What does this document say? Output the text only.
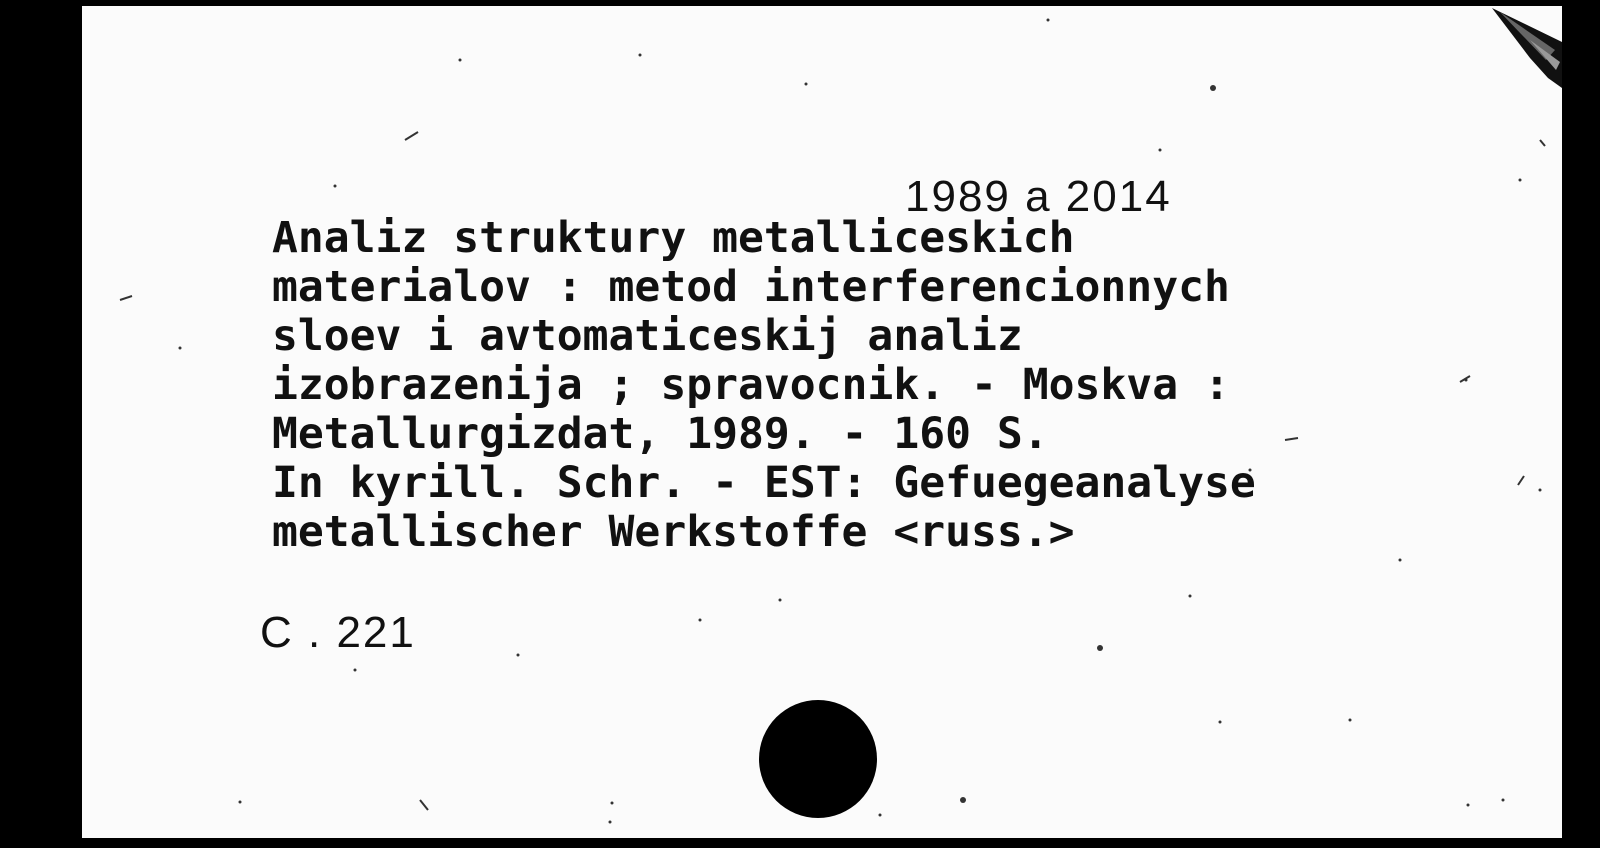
1989 a 2014
Analiz struktury metalliceskich
materialov : metod interferencionnych
sloev i avtomaticeskij analiz
izobrazenija ; spravocnik. - Moskva :
Metallurgizdat, 1989. - 160 S.
In kyrill. Schr. - EST: Gefuegeanalyse
metallischer Werkstoffe <russ.>
C . 221
